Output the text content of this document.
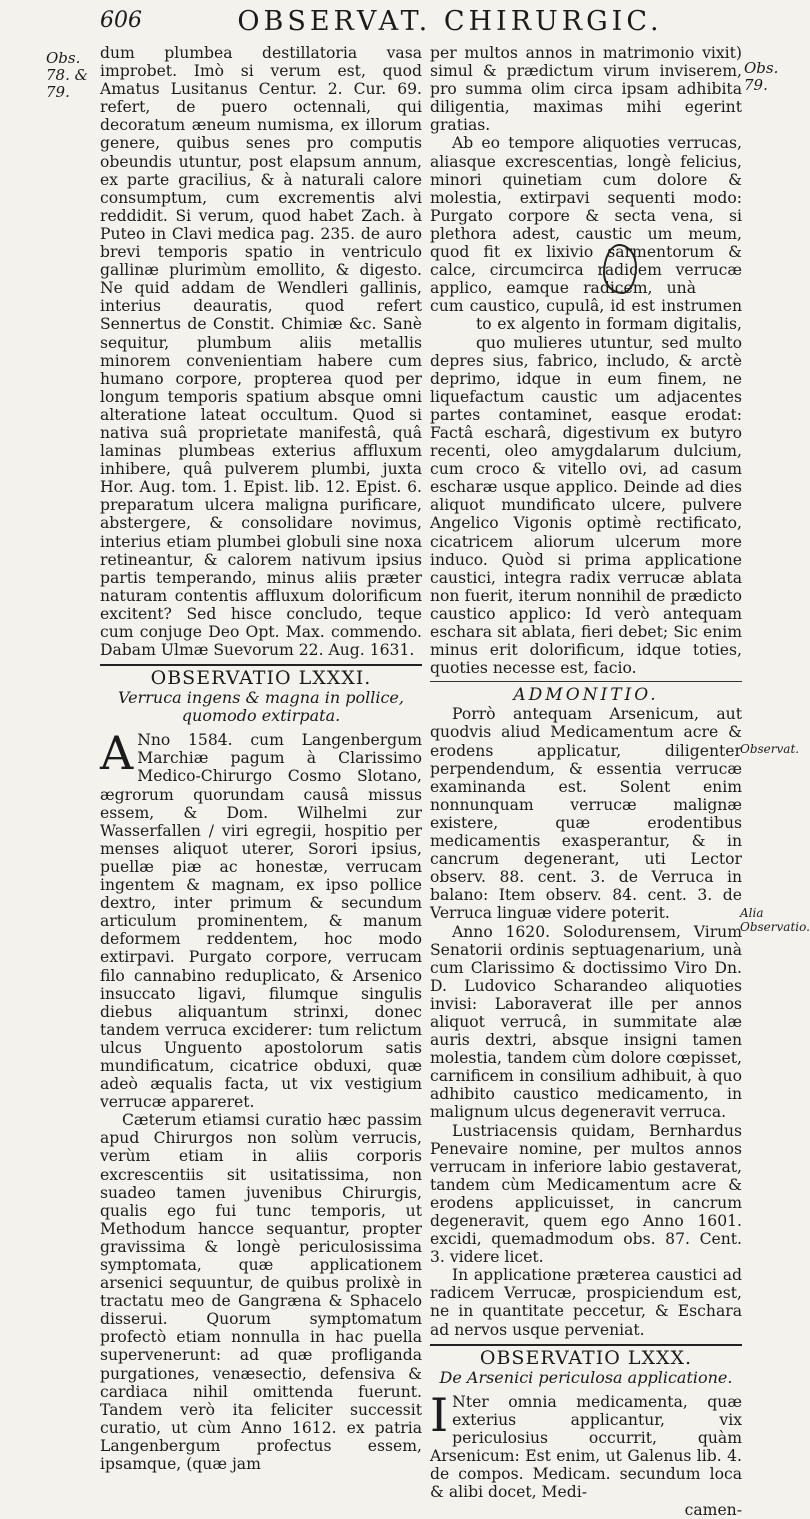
606	OBSERVAT. CHIRURGIC.
Obs. 78. & 79.
Obs. 79.
Observat.
Alia Observatio.

dum plumbea destillatoria vasa improbet. Imò si verum est, quod Amatus Lusitanus Centur. 2. Cur. 69. refert, de puero octennali, qui decoratum æneum numisma, ex illorum genere, quibus senes pro computis obeundis utuntur, post elapsum annum, ex parte gracilius, & à naturali calore consumptum, cum excrementis alvi reddidit. Si verum, quod habet Zach. à Puteo in Clavi medica pag. 235. de auro brevi temporis spatio in ventriculo gallinæ plurimùm emollito, & digesto. Ne quid addam de Wendleri gallinis, interius deauratis, quod refert Sennertus de Constit. Chimiæ &c. Sanè sequitur, plumbum aliis metallis minorem convenientiam habere cum humano corpore, propterea quod per longum temporis spatium absque omni alteratione lateat occultum. Quod si nativa suâ proprietate manifestâ, quâ laminas plumbeas exterius affluxum inhibere, quâ pulverem plumbi, juxta Hor. Aug. tom. 1. Epist. lib. 12. Epist. 6. preparatum ulcera maligna purificare, abstergere, & consolidare novimus, interius etiam plumbei globuli sine noxa retineantur, & calorem nativum ipsius partis temperando, minus aliis præter naturam contentis affluxum dolorificum excitent? Sed hisce concludo, teque cum conjuge Deo Opt. Max. commendo. Dabam Ulmæ Suevorum 22. Aug. 1631.

OBSERVATIO LXXXI.
Verruca ingens & magna in pollice, quomodo extirpata.

A Nno 1584. cum Langenbergum Marchiæ pagum à Clarissimo Medico-Chirurgo Cosmo Slotano, ægrorum quorundam causâ missus essem, & Dom. Wilhelmi zur Wasserfallen / viri egregii, hospitio per menses aliquot uterer, Sorori ipsius, puellæ piæ ac honestæ, verrucam ingentem & magnam, ex ipso pollice dextro, inter primum & secundum articulum prominentem, & manum deformem reddentem, hoc modo extirpavi. Purgato corpore, verrucam filo cannabino reduplicato, & Arsenico insuccato ligavi, filumque singulis diebus aliquantum strinxi, donec tandem verruca exciderer: tum relictum ulcus Unguento apostolorum satis mundificatum, cicatrice obduxi, quæ adeò æqualis facta, ut vix vestigium verrucæ appareret.

Cæterum etiamsi curatio hæc passim apud Chirurgos non solùm verrucis, verùm etiam in aliis corporis excrescentiis sit usitatissima, non suadeo tamen juvenibus Chirurgis, qualis ego fui tunc temporis, ut Methodum hancce sequantur, propter gravissima & longè periculosissima symptomata, quæ applicationem arsenici sequuntur, de quibus prolixè in tractatu meo de Gangræna & Sphacelo disserui. Quorum symptomatum profectò etiam nonnulla in hac puella supervenerunt: ad quæ profliganda purgationes, venæsectio, defensiva & cardiaca nihil omittenda fuerunt. Tandem verò ita feliciter successit curatio, ut cùm Anno 1612. ex patria Langenbergum profectus essem, ipsamque, (quæ jam

per multos annos in matrimonio vixit) simul & prædictum virum inviserem, pro summa olim circa ipsam adhibita diligentia, maximas mihi egerint gratias.

Ab eo tempore aliquoties verrucas, aliasque excrescentias, longè felicius, minori quinetiam cum dolore & molestia, extirpavi sequenti modo: Purgato corpore & secta vena, si plethora adest, caustic um meum, quod fit ex lixivio sarmentorum & calce, circumcirca radicem verrucæ applico, eamque radicem, unàcum caustico, cupulâ, id est instrumen to ex algento in formam digitalis, quo mulieres utuntur, sed multo depres sius, fabrico, includo, & arctè deprimo, idque in eum finem, ne liquefactum caustic um adjacentes partes contaminet, easque erodat: Factâ escharâ, digestivum ex butyro recenti, oleo amygdalarum dulcium, cum croco & vitello ovi, ad casum escharæ usque applico. Deinde ad dies aliquot mundificato ulcere, pulvere Angelico Vigonis optimè rectificato, cicatricem aliorum ulcerum more induco. Quòd si prima applicatione caustici, integra radix verrucæ ablata non fuerit, iterum nonnihil de prædicto caustico applico: Id verò antequam eschara sit ablata, fieri debet; Sic enim minus erit dolorificum, idque toties, quoties necesse est, facio.

ADMONITIO.

Porrò antequam Arsenicum, aut quodvis aliud Medicamentum acre & erodens applicatur, diligenter perpendendum, & essentia verrucæ examinanda est. Solent enim nonnunquam verrucæ malignæ existere, quæ erodentibus medicamentis exasperantur, & in cancrum degenerant, uti Lector observ. 88. cent. 3. de Verruca in balano: Item observ. 84. cent. 3. de Verruca linguæ videre poterit.

Anno 1620. Solodurensem, Virum Senatorii ordinis septuagenarium, unà cum Clarissimo & doctissimo Viro Dn. D. Ludovico Scharandeo aliquoties invisi: Laboraverat ille per annos aliquot verrucâ, in summitate alæ auris dextri, absque insigni tamen molestia, tandem cùm dolore cœpisset, carnificem in consilium adhibuit, à quo adhibito caustico medicamento, in malignum ulcus degeneravit verruca.

Lustriacensis quidam, Bernhardus Penevaire nomine, per multos annos verrucam in inferiore labio gestaverat, tandem cùm Medicamentum acre & erodens applicuisset, in cancrum degeneravit, quem ego Anno 1601. excidi, quemadmodum obs. 87. Cent. 3. videre licet.

In applicatione præterea caustici ad radicem Verrucæ, prospiciendum est, ne in quantitate peccetur, & Eschara ad nervos usque perveniat.

OBSERVATIO LXXX.
De Arsenici periculosa applicatione.

I Nter omnia medicamenta, quæ exterius applicantur, vix periculosius occurrit, quàm Arsenicum: Est enim, ut Galenus lib. 4. de compos. Medicam. secundum loca & alibi docet, Medi-

camen-
